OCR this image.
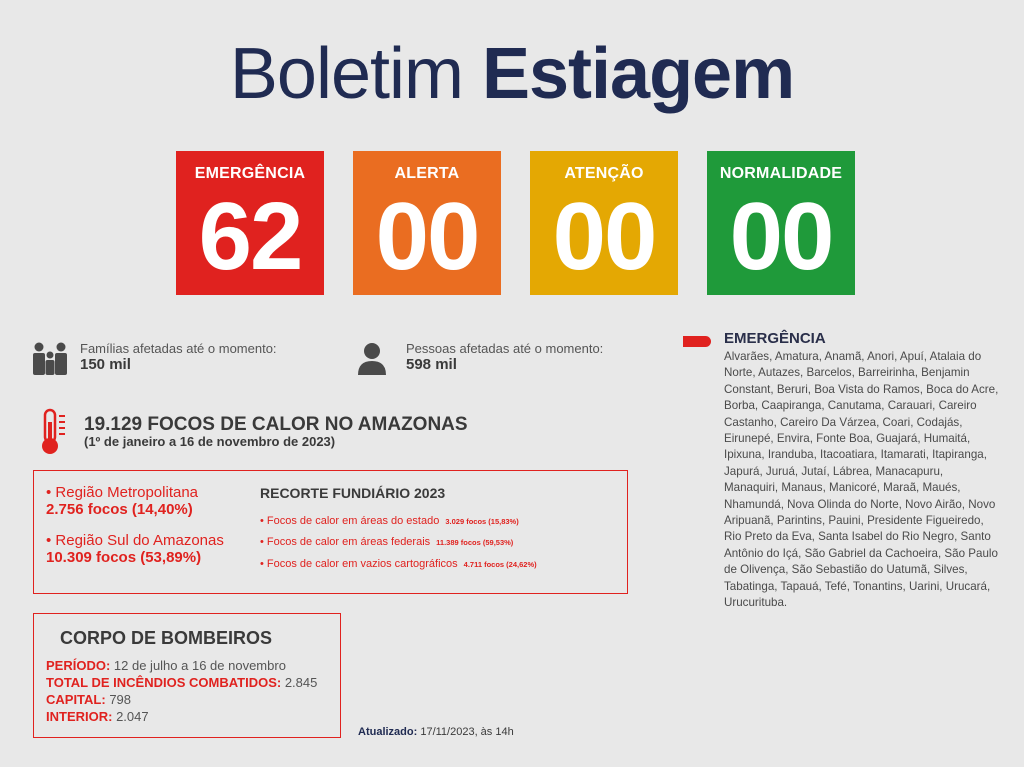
Boletim Estiagem
EMERGÊNCIA
62
ALERTA
00
ATENÇÃO
00
NORMALIDADE
00
Famílias afetadas até o momento:
150 mil
Pessoas afetadas até o momento:
598 mil
EMERGÊNCIA
Alvarães, Amatura, Anamã, Anori, Apuí, Atalaia do Norte, Autazes, Barcelos, Barreirinha, Benjamin Constant, Beruri, Boa Vista do Ramos, Boca do Acre, Borba, Caapiranga, Canutama, Carauari, Careiro Castanho, Careiro Da Várzea, Coari, Codajás, Eirunepé, Envira, Fonte Boa, Guajará, Humaitá, Ipixuna, Iranduba, Itacoatiara, Itamarati, Itapiranga, Japurá, Juruá, Jutaí, Lábrea, Manacapuru, Manaquiri, Manaus, Manicoré, Maraã, Maués, Nhamundá, Nova Olinda do Norte, Novo Airão, Novo Aripuanã, Parintins, Pauini, Presidente Figueiredo, Rio Preto da Eva, Santa Isabel do Rio Negro, Santo Antônio do Içá, São Gabriel da Cachoeira, São Paulo de Olivença, São Sebastião do Uatumã, Silves, Tabatinga, Tapauá, Tefé, Tonantins, Uarini, Urucará, Urucurituba.
19.129 FOCOS DE CALOR NO AMAZONAS
(1º de janeiro a 16 de novembro de 2023)
• Região Metropolitana
2.756 focos (14,40%)
• Região Sul do Amazonas
10.309 focos (53,89%)
RECORTE FUNDIÁRIO 2023
• Focos de calor em áreas do estado 3.029 focos (15,83%)
• Focos de calor em áreas federais 11.389 focos (59,53%)
• Focos de calor em vazios cartográficos 4.711 focos (24,62%)
CORPO DE BOMBEIROS
PERÍODO: 12 de julho a 16 de novembro
TOTAL DE INCÊNDIOS COMBATIDOS: 2.845
CAPITAL: 798
INTERIOR: 2.047
Atualizado: 17/11/2023, às 14h
